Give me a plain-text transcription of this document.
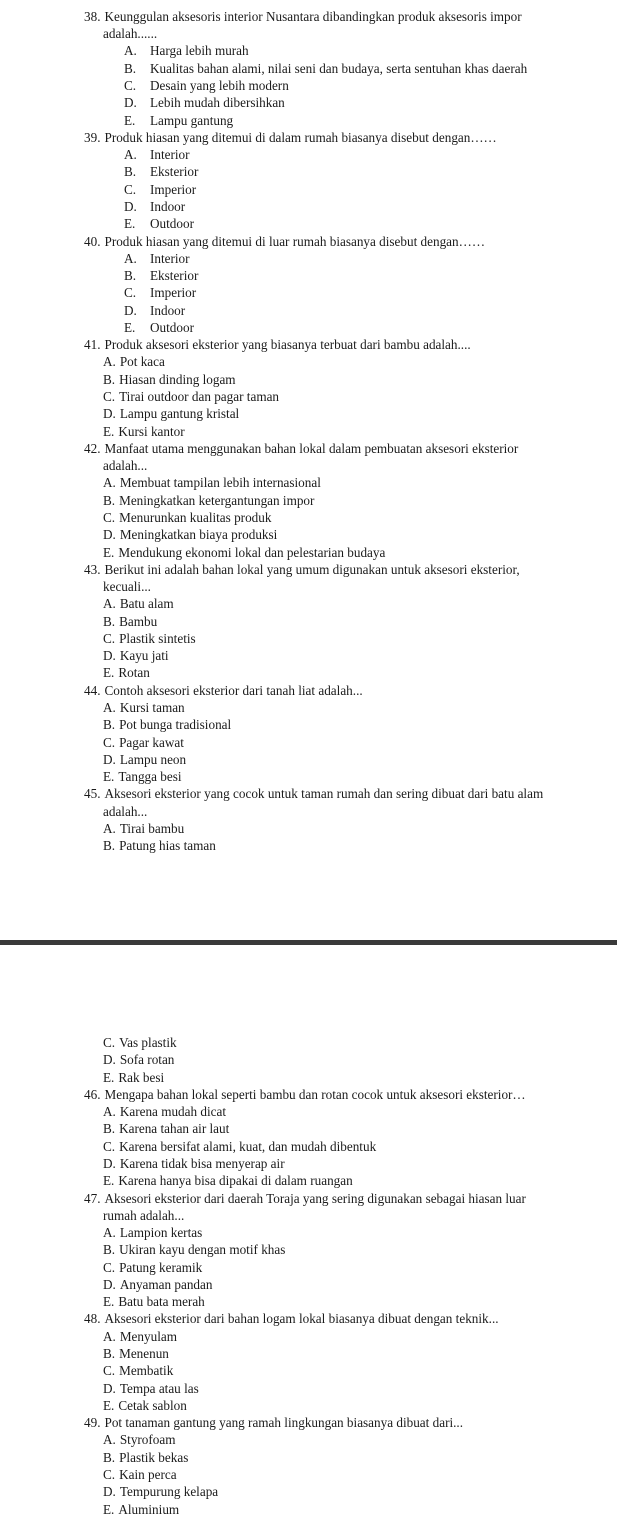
38. Keunggulan aksesoris interior Nusantara dibandingkan produk aksesoris impor
adalah......
A. Harga lebih murah
B. Kualitas bahan alami, nilai seni dan budaya, serta sentuhan khas daerah
C. Desain yang lebih modern
D. Lebih mudah dibersihkan
E. Lampu gantung
39. Produk hiasan yang ditemui di dalam rumah biasanya disebut dengan……
A. Interior
B. Eksterior
C. Imperior
D. Indoor
E. Outdoor
40. Produk hiasan yang ditemui di luar rumah biasanya disebut dengan……
A. Interior
B. Eksterior
C. Imperior
D. Indoor
E. Outdoor
41. Produk aksesori eksterior yang biasanya terbuat dari bambu adalah....
A. Pot kaca
B. Hiasan dinding logam
C. Tirai outdoor dan pagar taman
D. Lampu gantung kristal
E. Kursi kantor
42. Manfaat utama menggunakan bahan lokal dalam pembuatan aksesori eksterior
adalah...
A. Membuat tampilan lebih internasional
B. Meningkatkan ketergantungan impor
C. Menurunkan kualitas produk
D. Meningkatkan biaya produksi
E. Mendukung ekonomi lokal dan pelestarian budaya
43. Berikut ini adalah bahan lokal yang umum digunakan untuk aksesori eksterior,
kecuali...
A. Batu alam
B. Bambu
C. Plastik sintetis
D. Kayu jati
E. Rotan
44. Contoh aksesori eksterior dari tanah liat adalah...
A. Kursi taman
B. Pot bunga tradisional
C. Pagar kawat
D. Lampu neon
E. Tangga besi
45. Aksesori eksterior yang cocok untuk taman rumah dan sering dibuat dari batu alam
adalah...
A. Tirai bambu
B. Patung hias taman
C. Vas plastik
D. Sofa rotan
E. Rak besi
46. Mengapa bahan lokal seperti bambu dan rotan cocok untuk aksesori eksterior…
A. Karena mudah dicat
B. Karena tahan air laut
C. Karena bersifat alami, kuat, dan mudah dibentuk
D. Karena tidak bisa menyerap air
E. Karena hanya bisa dipakai di dalam ruangan
47. Aksesori eksterior dari daerah Toraja yang sering digunakan sebagai hiasan luar
rumah adalah...
A. Lampion kertas
B. Ukiran kayu dengan motif khas
C. Patung keramik
D. Anyaman pandan
E. Batu bata merah
48. Aksesori eksterior dari bahan logam lokal biasanya dibuat dengan teknik...
A. Menyulam
B. Menenun
C. Membatik
D. Tempa atau las
E. Cetak sablon
49. Pot tanaman gantung yang ramah lingkungan biasanya dibuat dari...
A. Styrofoam
B. Plastik bekas
C. Kain perca
D. Tempurung kelapa
E. Aluminium
